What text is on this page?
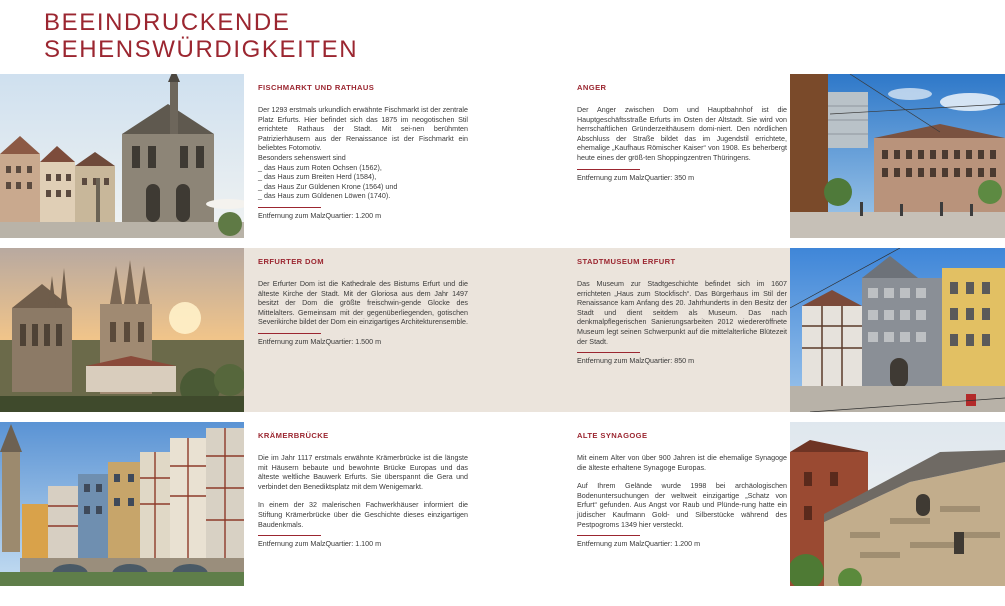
BEEINDRUCKENDE
SEHENSWÜRDIGKEITEN
FISCHMARKT UND RATHAUS

Der 1293 erstmals urkundlich erwähnte Fischmarkt ist der zentrale Platz Erfurts. Hier befindet sich das 1875 im neogotischen Stil errichtete Rathaus der Stadt. Mit sei-nen berühmten Patrizierhäusern aus der Renaissance ist der Fischmarkt ein beliebtes Fotomotiv.
Besonders sehenswert sind
_ das Haus zum Roten Ochsen (1562),
_ das Haus zum Breiten Herd (1584),
_ das Haus Zur Güldenen Krone (1564) und
_ das Haus zum Güldenen Löwen (1740).

Entfernung zum MalzQuartier: 1.200 m

ANGER

Der Anger zwischen Dom und Hauptbahnhof ist die Hauptgeschäftsstraße Erfurts im Osten der Altstadt. Sie wird von herrschaftlichen Gründerzeithäusern domi-niert. Den nördlichen Abschluss der Straße bildet das im Jugendstil errichtete, ehemalige „Kaufhaus Römischer Kaiser“ von 1908. Es beherbergt heute eines der größ-ten Shoppingzentren Thüringens.

Entfernung zum MalzQuartier: 350 m

ERFURTER DOM

Der Erfurter Dom ist die Kathedrale des Bistums Erfurt und die älteste Kirche der Stadt. Mit der Gloriosa aus dem Jahr 1497 besitzt der Dom die größte freischwin-gende Glocke des Mittelalters. Gemeinsam mit der gegenüberliegenden, gotischen Severikirche bildet der Dom ein einzigartiges Architekturensemble.

Entfernung zum MalzQuartier: 1.500 m

STADTMUSEUM ERFURT

Das Museum zur Stadtgeschichte befindet sich im 1607 errichteten „Haus zum Stockfisch“. Das Bürgerhaus im Stil der Renaissance kam Anfang des 20. Jahrhunderts in den Besitz der Stadt und dient seitdem als Museum. Das nach denkmalpflegerischen Sanierungsarbeiten 2012 wiedereröffnete Museum legt seinen Schwerpunkt auf die mittelalterliche Blütezeit der Stadt.

Entfernung zum MalzQuartier: 850 m

KRÄMERBRÜCKE

Die im Jahr 1117 erstmals erwähnte Krämerbrücke ist die längste mit Häusern bebaute und bewohnte Brücke Europas und das älteste weltliche Bauwerk Erfurts. Sie überspannt die Gera und verbindet den Benediktsplatz mit dem Wenigemarkt.

In einem der 32 malerischen Fachwerkhäuser informiert die Stiftung Krämerbrücke über die Geschichte dieses einzigartigen Baudenkmals.

Entfernung zum MalzQuartier: 1.100 m

ALTE SYNAGOGE

Mit einem Alter von über 900 Jahren ist die ehemalige Synagoge die älteste erhaltene Synagoge Europas.

Auf Ihrem Gelände wurde 1998 bei archäologischen Bodenuntersuchungen der weltweit einzigartige „Schatz von Erfurt“ gefunden. Aus Angst vor Raub und Plünde-rung hatte ein jüdischer Kaufmann Gold- und Silberstücke während des Pestpogroms 1349 hier versteckt.

Entfernung zum MalzQuartier: 1.200 m
